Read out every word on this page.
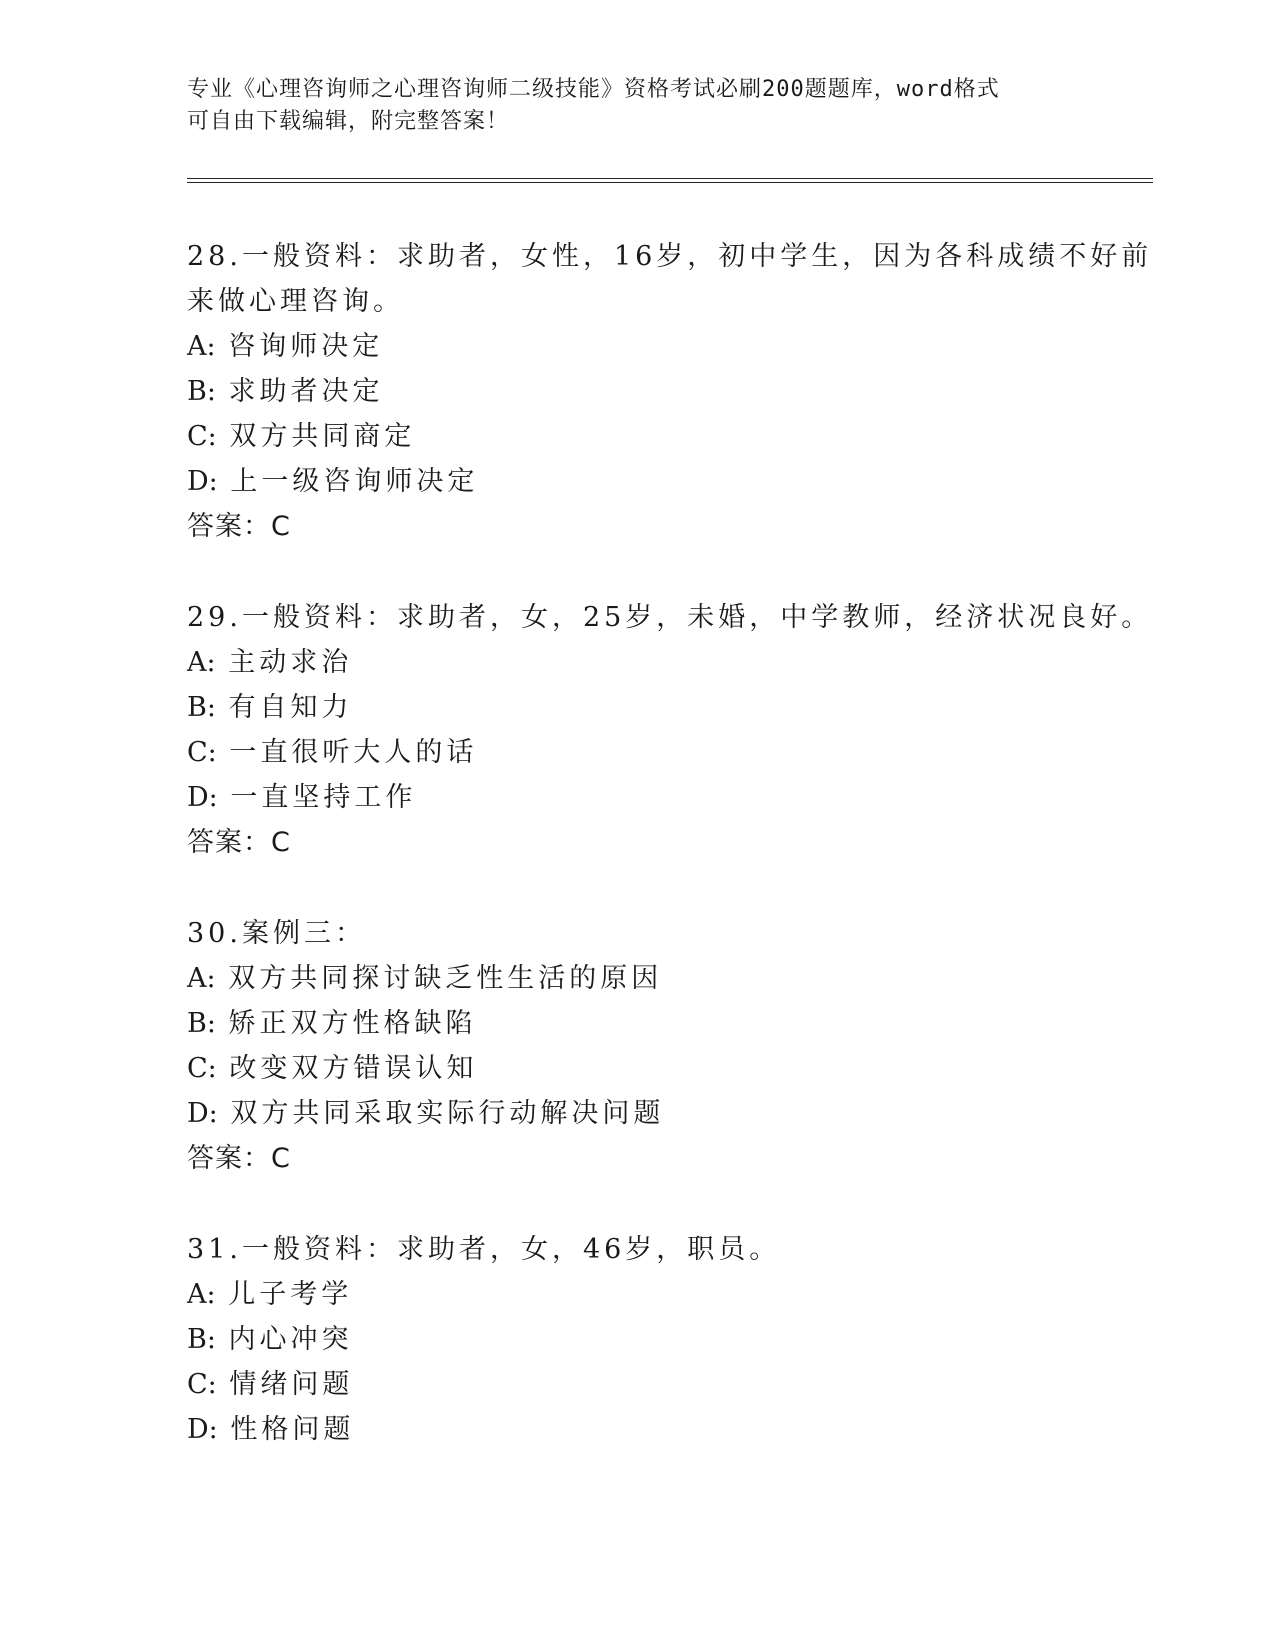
专业《心理咨询师之心理咨询师二级技能》资格考试必刷200题题库，word格式
可自由下载编辑，附完整答案！
28.一般资料：求助者，女性，16岁，初中学生，因为各科成绩不好前
来做心理咨询。
A: 咨询师决定
B: 求助者决定
C: 双方共同商定
D: 上一级咨询师决定
答案：C
29.一般资料：求助者，女，25岁，未婚，中学教师，经济状况良好。
A: 主动求治
B: 有自知力
C: 一直很听大人的话
D: 一直坚持工作
答案：C
30.案例三：
A: 双方共同探讨缺乏性生活的原因
B: 矫正双方性格缺陷
C: 改变双方错误认知
D: 双方共同采取实际行动解决问题
答案：C
31.一般资料：求助者，女，46岁，职员。
A: 儿子考学
B: 内心冲突
C: 情绪问题
D: 性格问题
